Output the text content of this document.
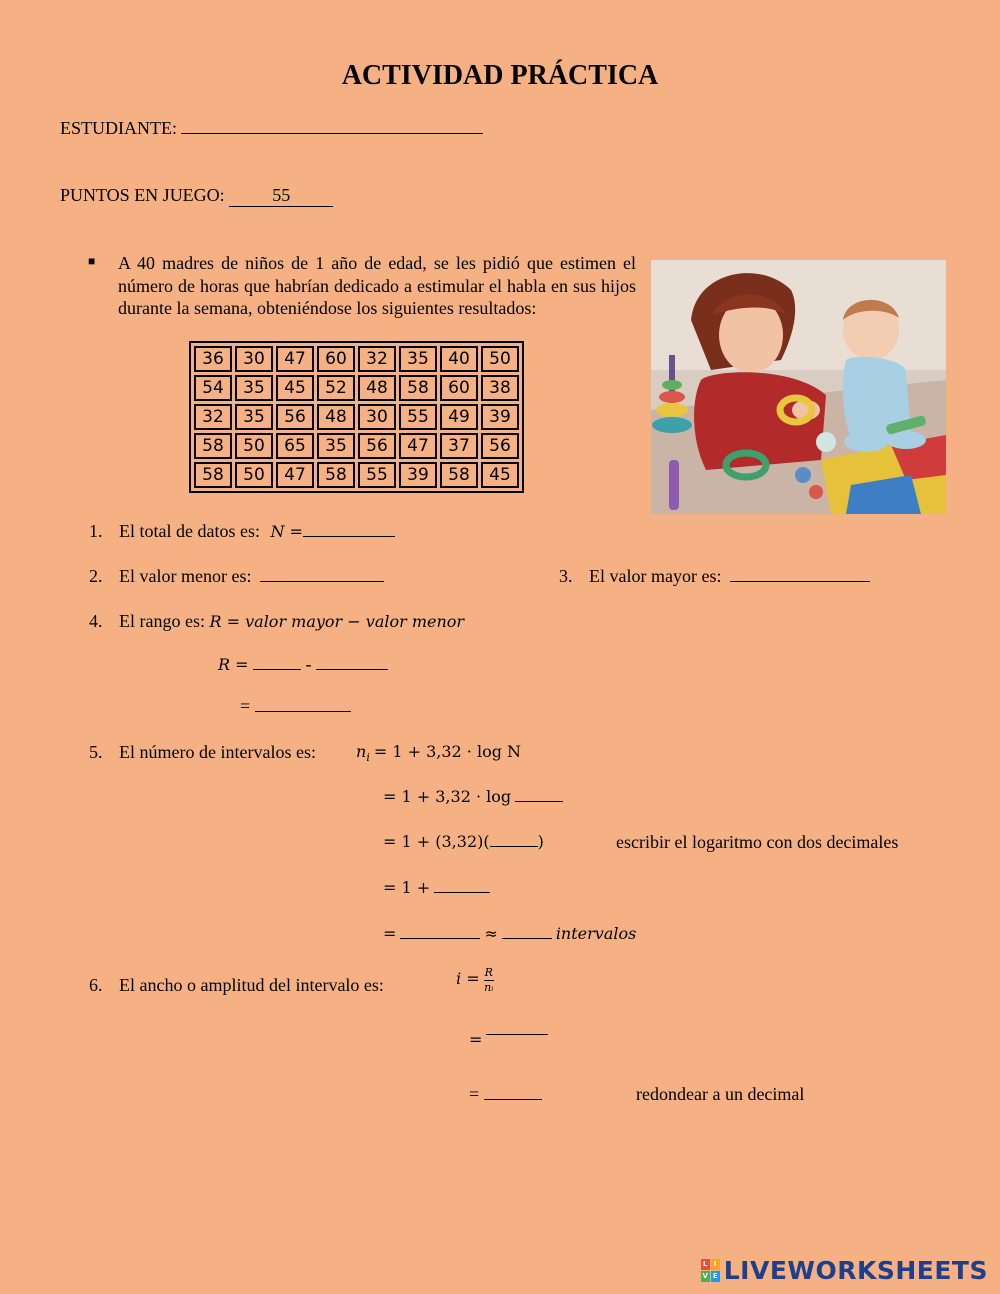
ACTIVIDAD PRÁCTICA
ESTUDIANTE:
PUNTOS EN JUEGO:	55
■ A 40 madres de niños de 1 año de edad, se les pidió que estimen el número de horas que habrían dedicado a estimular el habla en sus hijos durante la semana, obteniéndose los siguientes resultados:
36	30	47	60	32	35	40	50
54	35	45	52	48	58	60	38
32	35	56	48	30	55	49	39
58	50	65	35	56	47	37	56
58	50	47	58	55	39	58	45
1. El total de datos es: N =
2. El valor menor es:	3. El valor mayor es:
4. El rango es: R = valor mayor − valor menor
R =	-
=
5. El número de intervalos es:	$n_i = 1 + 3,32 \cdot \log N$
= 1 + 3,32 · log
= 1 + (3,32)(	)	escribir el logaritmo con dos decimales
= 1 +
=	≈	intervalos
6. El ancho o amplitud del intervalo es:	$i = \frac{R}{\text{nᵢ}}$
=
=	redondear a un decimal
L I
V E LIVEWORKSHEETS
